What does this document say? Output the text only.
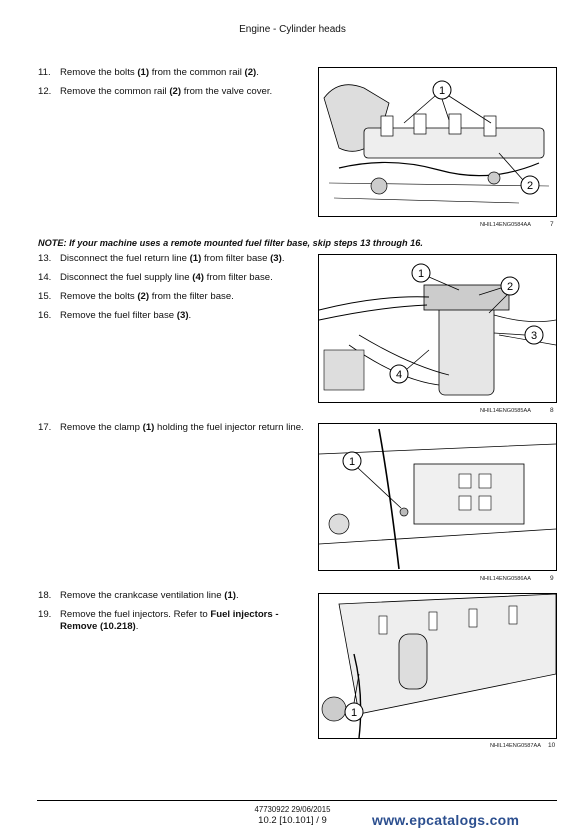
Engine - Cylinder heads
11. Remove the bolts (1) from the common rail (2).
12. Remove the common rail (2) from the valve cover.
NOTE: If your machine uses a remote mounted fuel filter base, skip steps 13 through 16.
13. Disconnect the fuel return line (1) from filter base (3).
14. Disconnect the fuel supply line (4) from filter base.
15. Remove the bolts (2) from the filter base.
16. Remove the fuel filter base (3).
17. Remove the clamp (1) holding the fuel injector return line.
18. Remove the crankcase ventilation line (1).
19. Remove the fuel injectors. Refer to Fuel injectors - Remove (10.218).
1
2
NHIL14ENG0584AA	7
1
2
3
4
NHIL14ENG0585AA	8
1
NHIL14ENG0586AA	9
1
NHIL14ENG0587AA 10
47730922 29/06/2015
10.2 [10.101] / 9	www.epcatalogs.com
